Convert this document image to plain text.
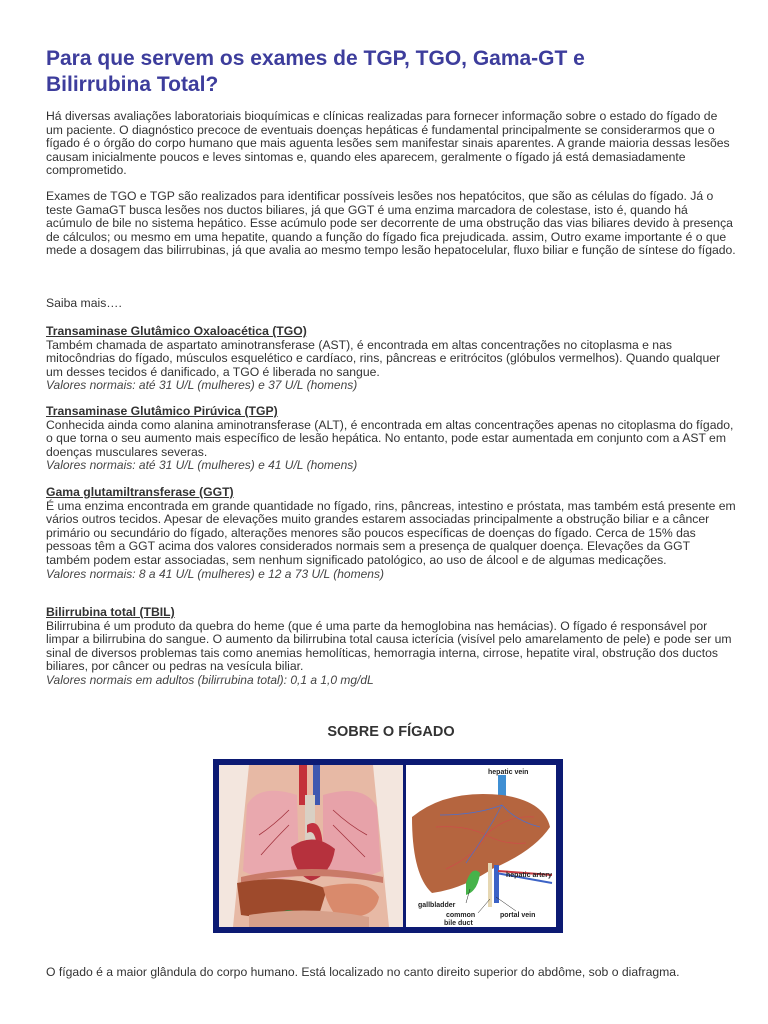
Para que servem os exames de TGP, TGO, Gama-GT e Bilirrubina Total?

Há diversas avaliações laboratoriais bioquímicas e clínicas realizadas para fornecer informação sobre o estado do fígado de um paciente. O diagnóstico precoce de eventuais doenças hepáticas é fundamental principalmente se considerarmos que o fígado é o órgão do corpo humano que mais aguenta lesões sem manifestar sinais aparentes. A grande maioria dessas lesões causam inicialmente poucos e leves sintomas e, quando eles aparecem, geralmente o fígado já está demasiadamente comprometido.

Exames de TGO e TGP são realizados para identificar possíveis lesões nos hepatócitos, que são as células do fígado. Já o teste GamaGT busca lesões nos ductos biliares, já que GGT é uma enzima marcadora de colestase, isto é, quando há acúmulo de bile no sistema hepático. Esse acúmulo pode ser decorrente de uma obstrução das vias biliares devido à presença de cálculos; ou mesmo em uma hepatite, quando a função do fígado fica prejudicada. assim, Outro exame importante é o que mede a dosagem das bilirrubinas, já que avalia ao mesmo tempo lesão hepatocelular, fluxo biliar e função de síntese do fígado.

Saiba mais….

Transaminase Glutâmico Oxaloacética (TGO)

Também chamada de aspartato aminotransferase (AST), é encontrada em altas concentrações no citoplasma e nas mitocôndrias do fígado, músculos esquelético e cardíaco, rins, pâncreas e eritrócitos (glóbulos vermelhos). Quando qualquer um desses tecidos é danificado, a TGO é liberada no sangue.

Valores normais: até 31 U/L (mulheres) e 37 U/L (homens)
Transaminase Glutâmico Pirúvica (TGP)

Conhecida ainda como alanina aminotransferase (ALT), é encontrada em altas concentrações apenas no citoplasma do fígado, o que torna o seu aumento mais específico de lesão hepática. No entanto, pode estar aumentada em conjunto com a AST em doenças musculares severas.

Valores normais: até 31 U/L (mulheres) e 41 U/L (homens)
Gama glutamiltransferase (GGT)

É uma enzima encontrada em grande quantidade no fígado, rins, pâncreas, intestino e próstata, mas também está presente em vários outros tecidos. Apesar de elevações muito grandes estarem associadas principalmente a obstrução biliar e a câncer primário ou secundário do fígado, alterações menores são poucos específicas de doenças do fígado. Cerca de 15% das pessoas têm a GGT acima dos valores considerados normais sem a presença de qualquer doença. Elevações da GGT também podem estar associadas, sem nenhum significado patológico, ao uso de álcool e de algumas medicações.

Valores normais: 8 a 41 U/L (mulheres) e 12 a 73 U/L (homens)
Bilirrubina total (TBIL)

Bilirrubina é um produto da quebra do heme (que é uma parte da hemoglobina nas hemácias). O fígado é responsável por limpar a bilirrubina do sangue. O aumento da bilirrubina total causa icterícia (visível pelo amarelamento de pele) e pode ser um sinal de diversos problemas tais como anemias hemolíticas, hemorragia interna, cirrose, hepatite viral, obstrução dos ductos biliares, por câncer ou pedras na vesícula biliar.

Valores normais em adultos (bilirrubina total): 0,1 a 1,0 mg/dL
SOBRE O FÍGADO

O fígado é a maior glândula do corpo humano. Está localizado no canto direito superior do abdôme, sob o diafragma.

hepatic vein
hepatic artery
gallbladder
portal vein
common
bile duct
